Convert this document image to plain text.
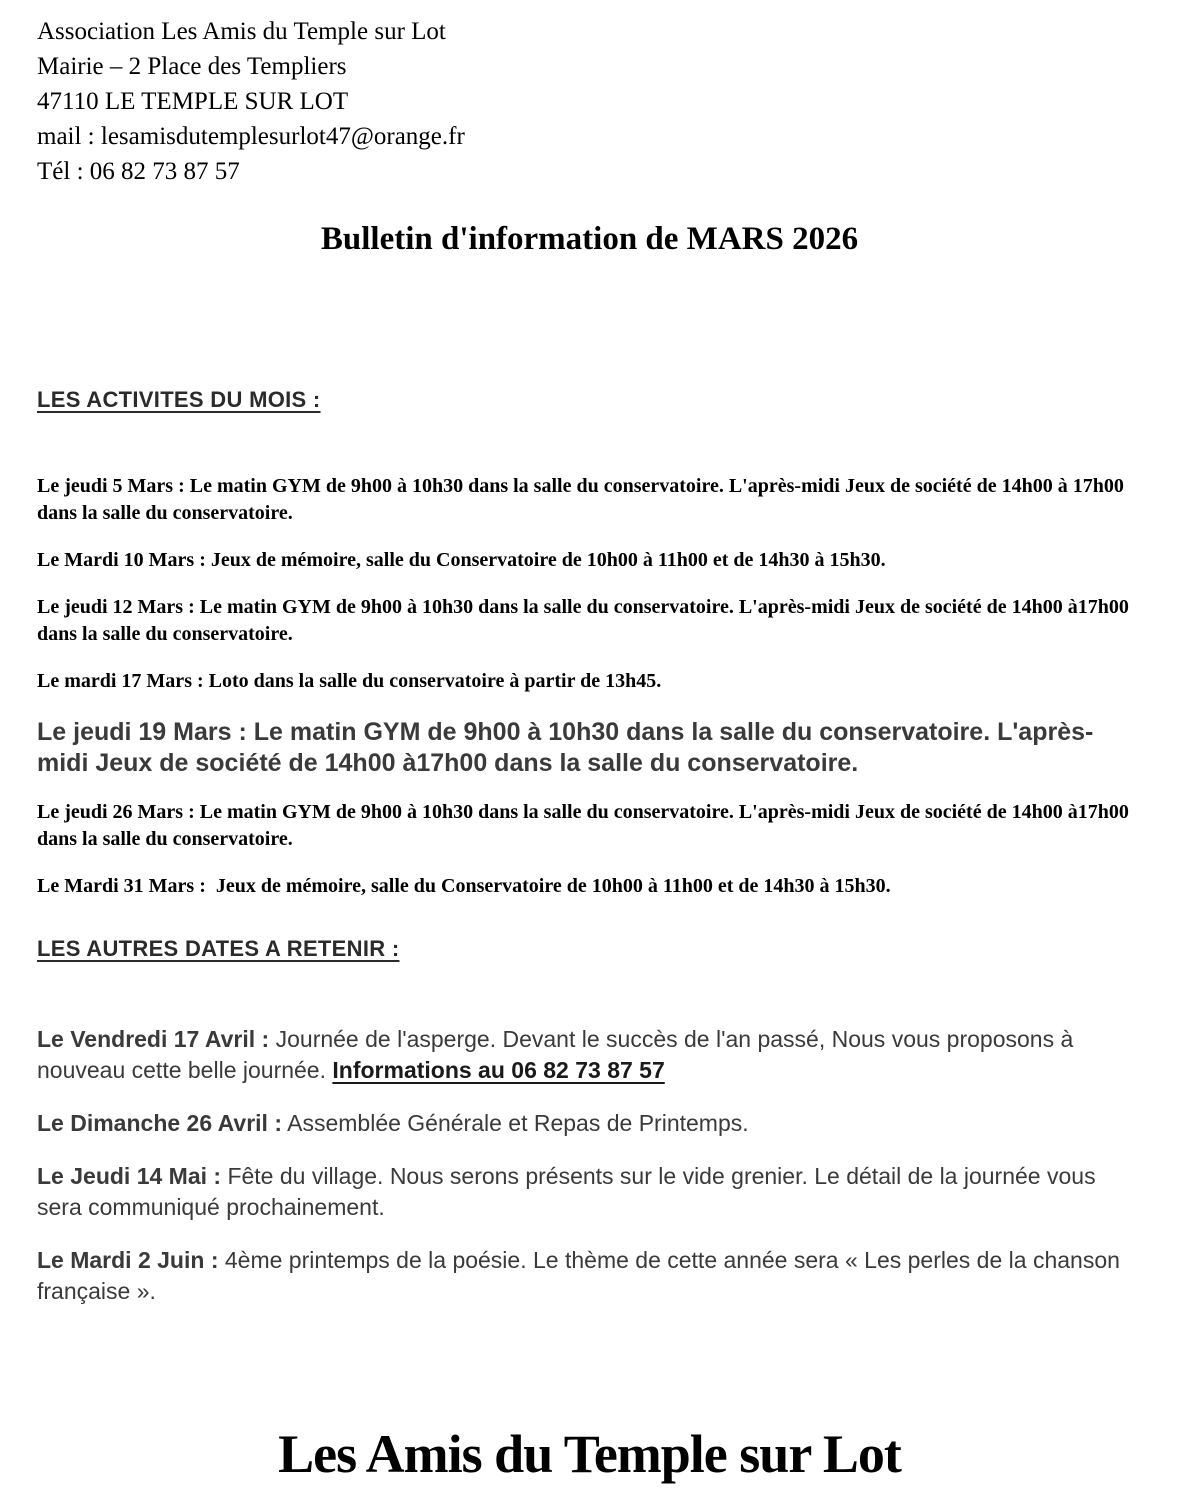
Association Les Amis du Temple sur Lot

Mairie – 2 Place des Templiers

47110 LE TEMPLE SUR LOT

mail : lesamisdutemplesurlot47@orange.fr

Tél : 06 82 73 87 57

Bulletin d'information de MARS 2026
LES ACTIVITES DU MOIS :

Le jeudi 5 Mars : Le matin GYM de 9h00 à 10h30 dans la salle du conservatoire. L'après-midi Jeux de société de 14h00 à 17h00 dans la salle du conservatoire.

Le Mardi 10 Mars : Jeux de mémoire, salle du Conservatoire de 10h00 à 11h00 et de 14h30 à 15h30.

Le jeudi 12 Mars : Le matin GYM de 9h00 à 10h30 dans la salle du conservatoire. L'après-midi Jeux de société de 14h00 à17h00 dans la salle du conservatoire.

Le mardi 17 Mars : Loto dans la salle du conservatoire à partir de 13h45.

Le jeudi 19 Mars : Le matin GYM de 9h00 à 10h30 dans la salle du conservatoire. L'après-midi Jeux de société de 14h00 à17h00 dans la salle du conservatoire.

Le jeudi 26 Mars : Le matin GYM de 9h00 à 10h30 dans la salle du conservatoire. L'après-midi Jeux de société de 14h00 à17h00 dans la salle du conservatoire.

Le Mardi 31 Mars :  Jeux de mémoire, salle du Conservatoire de 10h00 à 11h00 et de 14h30 à 15h30.

LES AUTRES DATES A RETENIR :

Le Vendredi 17 Avril : Journée de l'asperge. Devant le succès de l'an passé, Nous vous proposons à nouveau cette belle journée. Informations au 06 82 73 87 57

Le Dimanche 26 Avril : Assemblée Générale et Repas de Printemps.

Le Jeudi 14 Mai : Fête du village. Nous serons présents sur le vide grenier. Le détail de la journée vous sera communiqué prochainement.

Le Mardi 2 Juin : 4ème printemps de la poésie. Le thème de cette année sera « Les perles de la chanson française ».

Les Amis du Temple sur Lot
